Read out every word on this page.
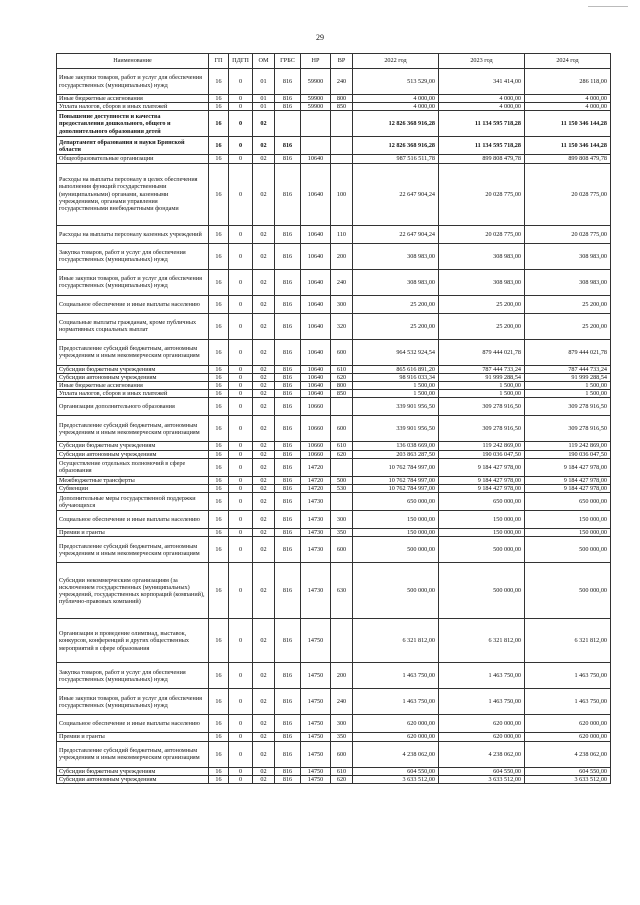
29
Наименование	ГП	ПДГП	ОМ	ГРБС	НР	ВР	2022 год	2023 год	2024 год
Иные закупки товаров, работ и услуг для обеспечения государственных (муниципальных) нужд	16	0	01	816	59900	240	513 529,00	341 414,00	286 118,00
Иные бюджетные ассигнования	16	0	01	816	59900	800	4 000,00	4 000,00	4 000,00
Уплата налогов, сборов и иных платежей	16	0	01	816	59900	850	4 000,00	4 000,00	4 000,00
Повышение доступности и качества предоставления дошкольного, общего и дополнительного образования детей	16	0	02				12 826 368 916,28	11 134 595 718,28	11 150 346 144,28
Департамент образования и науки Брянской области	16	0	02	816			12 826 368 916,28	11 134 595 718,28	11 150 346 144,28
Общеобразовательные организации	16	0	02	816	10640		987 516 511,78	899 808 479,78	899 808 479,78
Расходы на выплаты персоналу в целях обеспечения выполнения функций государственными (муниципальными) органами, казенными учреждениями, органами управления государственными внебюджетными фондами	16	0	02	816	10640	100	22 647 904,24	20 028 775,00	20 028 775,00
Расходы на выплаты персоналу казенных учреждений	16	0	02	816	10640	110	22 647 904,24	20 028 775,00	20 028 775,00
Закупка товаров, работ и услуг для обеспечения государственных (муниципальных) нужд	16	0	02	816	10640	200	308 983,00	308 983,00	308 983,00
Иные закупки товаров, работ и услуг для обеспечения государственных (муниципальных) нужд	16	0	02	816	10640	240	308 983,00	308 983,00	308 983,00
Социальное обеспечение и иные выплаты населению	16	0	02	816	10640	300	25 200,00	25 200,00	25 200,00
Социальные выплаты гражданам, кроме публичных нормативных социальных выплат	16	0	02	816	10640	320	25 200,00	25 200,00	25 200,00
Предоставление субсидий бюджетным, автономным учреждениям и иным некоммерческим организациям	16	0	02	816	10640	600	964 532 924,54	879 444 021,78	879 444 021,78
Субсидии бюджетным учреждениям	16	0	02	816	10640	610	865 616 891,20	787 444 733,24	787 444 733,24
Субсидии автономным учреждениям	16	0	02	816	10640	620	98 916 033,34	91 999 288,54	91 999 288,54
Иные бюджетные ассигнования	16	0	02	816	10640	800	1 500,00	1 500,00	1 500,00
Уплата налогов, сборов и иных платежей	16	0	02	816	10640	850	1 500,00	1 500,00	1 500,00
Организации дополнительного образования	16	0	02	816	10660		339 901 956,50	309 278 916,50	309 278 916,50
Предоставление субсидий бюджетным, автономным учреждениям и иным некоммерческим организациям	16	0	02	816	10660	600	339 901 956,50	309 278 916,50	309 278 916,50
Субсидии бюджетным учреждениям	16	0	02	816	10660	610	136 038 669,00	119 242 869,00	119 242 869,00
Субсидии автономным учреждениям	16	0	02	816	10660	620	203 863 287,50	190 036 047,50	190 036 047,50
Осуществление отдельных полномочий в сфере образования	16	0	02	816	14720		10 762 784 997,00	9 184 427 978,00	9 184 427 978,00
Межбюджетные трансферты	16	0	02	816	14720	500	10 762 784 997,00	9 184 427 978,00	9 184 427 978,00
Субвенции	16	0	02	816	14720	530	10 762 784 997,00	9 184 427 978,00	9 184 427 978,00
Дополнительные меры государственной поддержки обучающихся	16	0	02	816	14730		650 000,00	650 000,00	650 000,00
Социальное обеспечение и иные выплаты населению	16	0	02	816	14730	300	150 000,00	150 000,00	150 000,00
Премии и гранты	16	0	02	816	14730	350	150 000,00	150 000,00	150 000,00
Предоставление субсидий бюджетным, автономным учреждениям и иным некоммерческим организациям	16	0	02	816	14730	600	500 000,00	500 000,00	500 000,00
Субсидии некоммерческим организациям (за исключением государственных (муниципальных) учреждений, государственных корпораций (компаний), публично-правовых компаний)	16	0	02	816	14730	630	500 000,00	500 000,00	500 000,00
Организация и проведение олимпиад, выставок, конкурсов, конференций и других общественных мероприятий в сфере образования	16	0	02	816	14750		6 321 812,00	6 321 812,00	6 321 812,00
Закупка товаров, работ и услуг для обеспечения государственных (муниципальных) нужд	16	0	02	816	14750	200	1 463 750,00	1 463 750,00	1 463 750,00
Иные закупки товаров, работ и услуг для обеспечения государственных (муниципальных) нужд	16	0	02	816	14750	240	1 463 750,00	1 463 750,00	1 463 750,00
Социальное обеспечение и иные выплаты населению	16	0	02	816	14750	300	620 000,00	620 000,00	620 000,00
Премии и гранты	16	0	02	816	14750	350	620 000,00	620 000,00	620 000,00
Предоставление субсидий бюджетным, автономным учреждениям и иным некоммерческим организациям	16	0	02	816	14750	600	4 238 062,00	4 238 062,00	4 238 062,00
Субсидии бюджетным учреждениям	16	0	02	816	14750	610	604 550,00	604 550,00	604 550,00
Субсидии автономным учреждениям	16	0	02	816	14750	620	3 633 512,00	3 633 512,00	3 633 512,00
